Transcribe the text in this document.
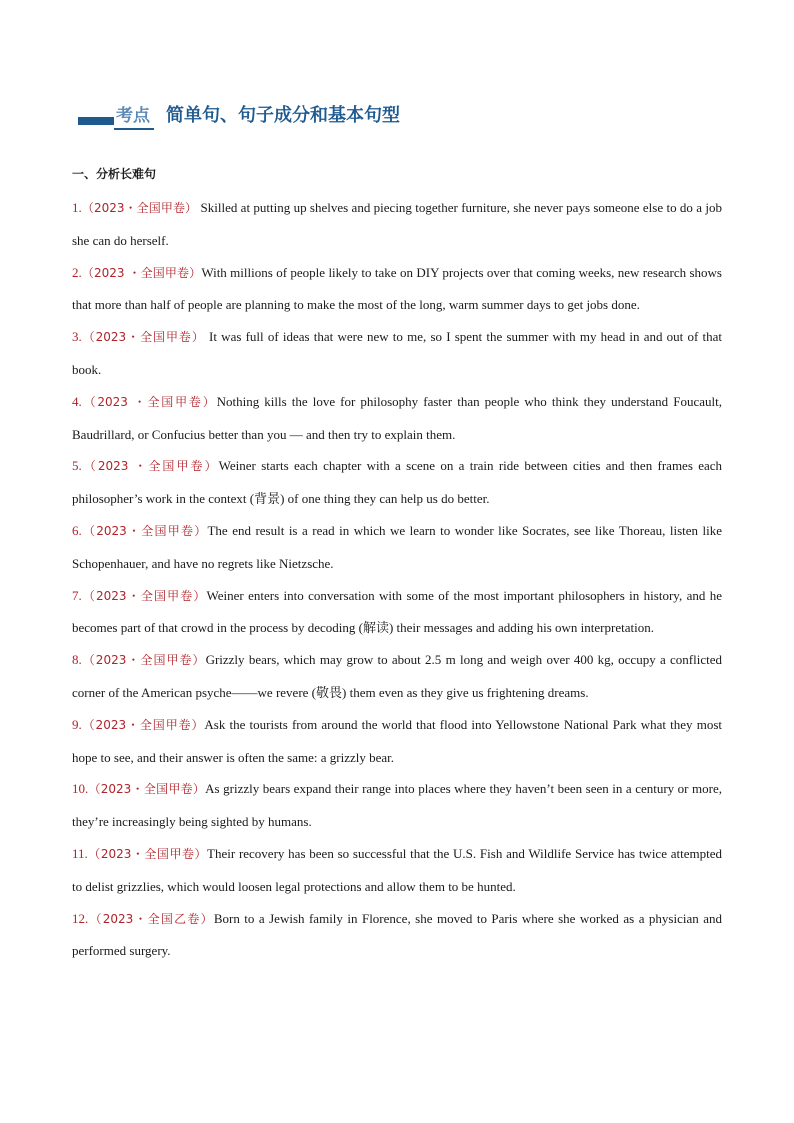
考点 简单句、句子成分和基本句型
一、分析长难句
1.（2023・全国甲卷） Skilled at putting up shelves and piecing together furniture, she never pays someone else to do a job she can do herself.
2.（2023 ・全国甲卷）With millions of people likely to take on DIY projects over that coming weeks, new research shows that more than half of people are planning to make the most of the long, warm summer days to get jobs done.
3.（2023・全国甲卷） It was full of ideas that were new to me, so I spent the summer with my head in and out of that book.
4.（2023 ・全国甲卷）Nothing kills the love for philosophy faster than people who think they understand Foucault, Baudrillard, or Confucius better than you — and then try to explain them.
5.（2023 ・全国甲卷）Weiner starts each chapter with a scene on a train ride between cities and then frames each philosopher’s work in the context (背景) of one thing they can help us do better.
6.（2023・全国甲卷）The end result is a read in which we learn to wonder like Socrates, see like Thoreau, listen like Schopenhauer, and have no regrets like Nietzsche.
7.（2023・全国甲卷）Weiner enters into conversation with some of the most important philosophers in history, and he becomes part of that crowd in the process by decoding (解读) their messages and adding his own interpretation.
8.（2023・全国甲卷）Grizzly bears, which may grow to about 2.5 m long and weigh over 400 kg, occupy a conflicted corner of the American psyche——we revere (敬畏) them even as they give us frightening dreams.
9.（2023・全国甲卷）Ask the tourists from around the world that flood into Yellowstone National Park what they most hope to see, and their answer is often the same: a grizzly bear.
10.（2023・全国甲卷）As grizzly bears expand their range into places where they haven’t been seen in a century or more, they’re increasingly being sighted by humans.
11.（2023・全国甲卷）Their recovery has been so successful that the U.S. Fish and Wildlife Service has twice attempted to delist grizzlies, which would loosen legal protections and allow them to be hunted.
12.（2023・全国乙卷）Born to a Jewish family in Florence, she moved to Paris where she worked as a physician and performed surgery.
